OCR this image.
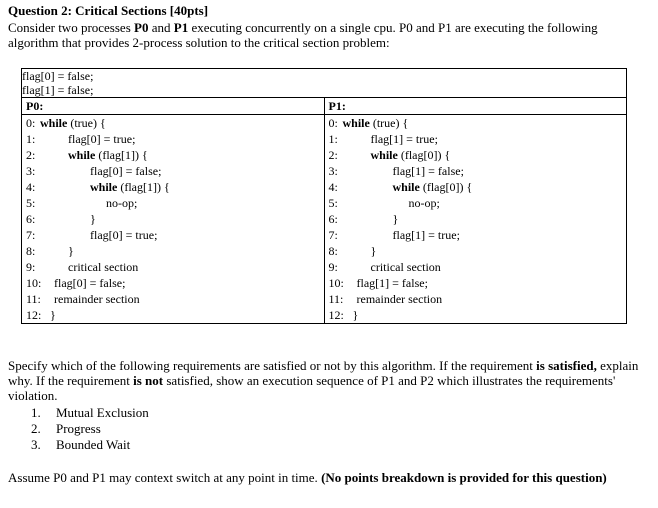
Question 2: Critical Sections [40pts]
Consider two processes P0 and P1 executing concurrently on a single cpu. P0 and P1 are executing the following algorithm that provides 2-process solution to the critical section problem:
flag[0] = false;
flag[1] = false;

P0:
0: while (true) {
1:	flag[0] = true;
2:	while (flag[1]) {
3:	flag[0] = false;
4:	while (flag[1]) {
5:	no-op;
6:	}
7:	flag[0] = true;
8:	}
9:	critical section
10: flag[0] = false;
11: remainder section
12: }

P1:
0: while (true) {
1:	flag[1] = true;
2:	while (flag[0]) {
3:	flag[1] = false;
4:	while (flag[0]) {
5:	no-op;
6:	}
7:	flag[1] = true;
8:	}
9:	critical section
10: flag[1] = false;
11: remainder section
12: }
Specify which of the following requirements are satisfied or not by this algorithm. If the requirement is satisfied, explain why. If the requirement is not satisfied, show an execution sequence of P1 and P2 which illustrates the requirements' violation.
1. Mutual Exclusion
2. Progress
3. Bounded Wait
Assume P0 and P1 may context switch at any point in time. (No points breakdown is provided for this question)
